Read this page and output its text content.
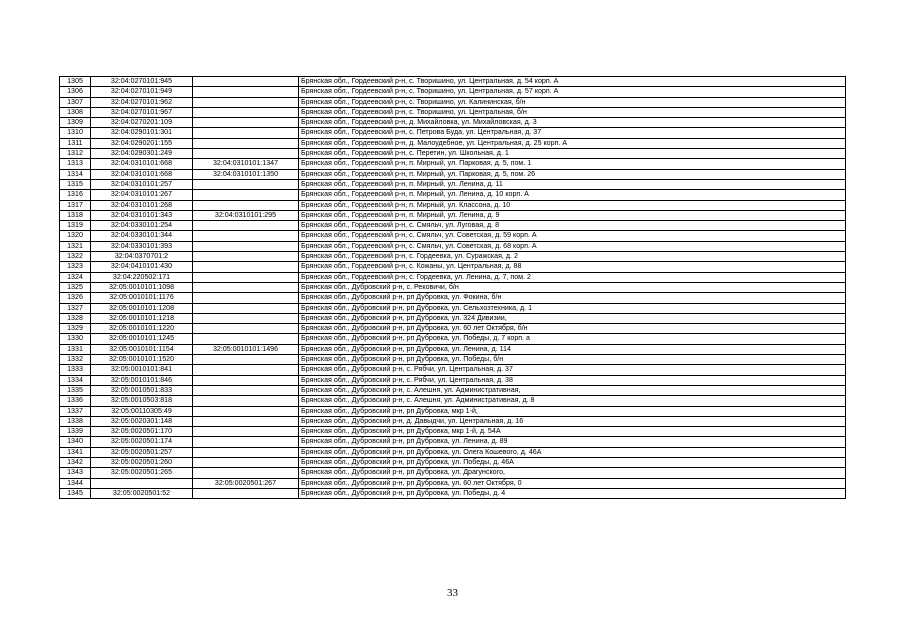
1305	32:04:0270101:945		Брянская обл., Гордеевский р-н, с. Творишино, ул. Центральная, д. 54 корп. А
1306	32:04:0270101:949		Брянская обл., Гордеевский р-н, с. Творишино, ул. Центральная, д. 57 корп. А
1307	32:04:0270101:962		Брянская обл., Гордеевский р-н, с. Творишино, ул. Калининская, б/н
1308	32:04:0270101:967		Брянская обл., Гордеевский р-н, с. Творишино, ул. Центральная, б/н
1309	32:04:0270201:109		Брянская обл., Гордеевский р-н, д. Михайловка, ул. Михайловская, д. 3
1310	32:04:0290101:301		Брянская обл., Гордеевский р-н, с. Петрова Буда, ул. Центральная, д. 37
1311	32:04:0290201:155		Брянская обл., Гордеевский р-н, д. Малоудебное, ул. Центральная, д. 25 корп. А
1312	32:04:0290301:249		Брянская обл., Гордеевский р-н, с. Перетин, ул. Школьная, д. 1
1313	32:04:0310101:668	32:04:0310101:1347	Брянская обл., Гордеевский р-н, п. Мирный, ул. Парковая, д. 5, пом. 1
1314	32:04:0310101:668	32:04:0310101:1350	Брянская обл., Гордеевский р-н, п. Мирный, ул. Парковая, д. 5, пом. 26
1315	32:04:0310101:257		Брянская обл., Гордеевский р-н, п. Мирный, ул. Ленина, д. 11
1316	32:04:0310101:267		Брянская обл., Гордеевский р-н, п. Мирный, ул. Ленина, д. 10 корп. А
1317	32:04:0310101:268		Брянская обл., Гордеевский р-н, п. Мирный, ул. Классона, д. 10
1318	32:04:0310101:343	32:04:0310101:295	Брянская обл., Гордеевский р-н, п. Мирный, ул. Ленина, д. 9
1319	32:04:0330101:254		Брянская обл., Гордеевский р-н, с. Смяльч, ул. Луговая, д. 8
1320	32:04:0330101:344		Брянская обл., Гордеевский р-н, с. Смяльч, ул. Советская, д. 59 корп. А
1321	32:04:0330101:393		Брянская обл., Гордеевский р-н, с. Смяльч, ул. Советская, д. 68 корп. А
1322	32:04:0370701:2		Брянская обл., Гордеевский р-н, с. Гордеевка, ул. Суражская, д. 2
1323	32:04:0410101:430		Брянская обл., Гордеевский р-н, с. Кожаны, ул. Центральная, д. 88
1324	32:04:220502:171		Брянская обл., Гордеевский р-н, с. Гордеевка, ул. Ленина, д. 7, пом. 2
1325	32:05:0010101:1098		Брянская обл., Дубровский р-н, с. Рековичи, б/н
1326	32:05:0010101:1176		Брянская обл., Дубровский р-н, рп Дубровка, ул. Фокина, б/н
1327	32:05:0010101:1208		Брянская обл., Дубровский р-н, рп Дубровка, ул. Сельхозтехника, д. 1
1328	32:05:0010101:1218		Брянская обл., Дубровский р-н, рп Дубровка, ул. 324 Дивизии,
1329	32:05:0010101:1220		Брянская обл., Дубровский р-н, рп Дубровка, ул. 60 лет Октября, б/н
1330	32:05:0010101:1245		Брянская обл., Дубровский р-н, рп Дубровка, ул. Победы, д. 7 корп. а
1331	32:05:0010101:1154	32:05:0010101:1496	Брянская обл., Дубровский р-н, рп Дубровка, ул. Ленина, д. 114
1332	32:05:0010101:1520		Брянская обл., Дубровский р-н, рп Дубровка, ул. Победы, б/н
1333	32:05:0010101:841		Брянская обл., Дубровский р-н, с. Рябчи, ул. Центральная, д. 37
1334	32:05:0010101:846		Брянская обл., Дубровский р-н, с. Рябчи, ул. Центральная, д. 38
1335	32:05:0010501:833		Брянская обл., Дубровский р-н, с. Алешня, ул. Административная,
1336	32:05:0010503:818		Брянская обл., Дубровский р-н, с. Алешня, ул. Административная, д. 8
1337	32:05:00110305:49		Брянская обл., Дубровский р-н, рп Дубровка, мкр 1-й,
1338	32:05:0020301:148		Брянская обл., Дубровский р-н, д. Давыдчи, ул. Центральная, д. 16
1339	32:05:0020501:170		Брянская обл., Дубровский р-н, рп Дубровка, мкр 1-й, д. 54А
1340	32:05:0020501:174		Брянская обл., Дубровский р-н, рп Дубровка, ул. Ленина, д. 89
1341	32:05:0020501:257		Брянская обл., Дубровский р-н, рп Дубровка, ул. Олега Кошевого, д. 46А
1342	32:05:0020501:260		Брянская обл., Дубровский р-н, рп Дубровка, ул. Победы, д. 46А
1343	32:05:0020501:265		Брянская обл., Дубровский р-н, рп Дубровка, ул. Драгунского,
1344		32:05:0020501:267	Брянская обл., Дубровский р-н, рп Дубровка, ул. 60 лет Октября, 0
1345	32:05:0020501:52		Брянская обл., Дубровский р-н, рп Дубровка, ул. Победы, д. 4
33
